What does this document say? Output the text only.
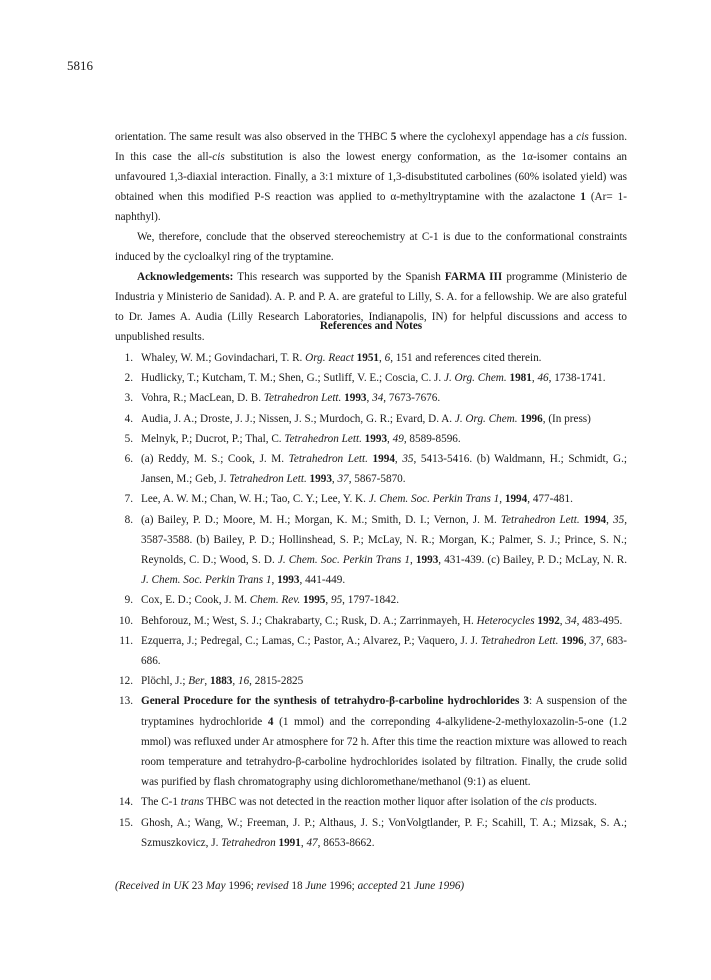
5816

orientation. The same result was also observed in the THBC 5 where the cyclohexyl appendage has a cis fussion. In this case the all-cis substitution is also the lowest energy conformation, as the 1α-isomer contains an unfavoured 1,3-diaxial interaction. Finally, a 3:1 mixture of 1,3-disubstituted carbolines (60% isolated yield) was obtained when this modified P-S reaction was applied to α-methyltryptamine with the azalactone 1 (Ar= 1-naphthyl).

We, therefore, conclude that the observed stereochemistry at C-1 is due to the conformational constraints induced by the cycloalkyl ring of the tryptamine.

Acknowledgements: This research was supported by the Spanish FARMA III programme (Ministerio de Industria y Ministerio de Sanidad). A. P. and P. A. are grateful to Lilly, S. A. for a fellowship. We are also grateful to Dr. James A. Audia (Lilly Research Laboratories, Indianapolis, IN) for helpful discussions and access to unpublished results.

References and Notes
1. Whaley, W. M.; Govindachari, T. R. Org. React 1951, 6, 151 and references cited therein.
2. Hudlicky, T.; Kutcham, T. M.; Shen, G.; Sutliff, V. E.; Coscia, C. J. J. Org. Chem. 1981, 46, 1738-1741.
3. Vohra, R.; MacLean, D. B. Tetrahedron Lett. 1993, 34, 7673-7676.
4. Audia, J. A.; Droste, J. J.; Nissen, J. S.; Murdoch, G. R.; Evard, D. A. J. Org. Chem. 1996, (In press)
5. Melnyk, P.; Ducrot, P.; Thal, C. Tetrahedron Lett. 1993, 49, 8589-8596.
6. (a) Reddy, M. S.; Cook, J. M. Tetrahedron Lett. 1994, 35, 5413-5416. (b) Waldmann, H.; Schmidt, G.; Jansen, M.; Geb, J. Tetrahedron Lett. 1993, 37, 5867-5870.
7. Lee, A. W. M.; Chan, W. H.; Tao, C. Y.; Lee, Y. K. J. Chem. Soc. Perkin Trans 1, 1994, 477-481.
8. (a) Bailey, P. D.; Moore, M. H.; Morgan, K. M.; Smith, D. I.; Vernon, J. M. Tetrahedron Lett. 1994, 35, 3587-3588. (b) Bailey, P. D.; Hollinshead, S. P.; McLay, N. R.; Morgan, K.; Palmer, S. J.; Prince, S. N.; Reynolds, C. D.; Wood, S. D. J. Chem. Soc. Perkin Trans 1, 1993, 431-439. (c) Bailey, P. D.; McLay, N. R. J. Chem. Soc. Perkin Trans 1, 1993, 441-449.
9. Cox, E. D.; Cook, J. M. Chem. Rev. 1995, 95, 1797-1842.
10. Behforouz, M.; West, S. J.; Chakrabarty, C.; Rusk, D. A.; Zarrinmayeh, H. Heterocycles 1992, 34, 483-495.
11. Ezquerra, J.; Pedregal, C.; Lamas, C.; Pastor, A.; Alvarez, P.; Vaquero, J. J. Tetrahedron Lett. 1996, 37, 683-686.
12. Plöchl, J.; Ber, 1883, 16, 2815-2825
13. General Procedure for the synthesis of tetrahydro-β-carboline hydrochlorides 3: A suspension of the tryptamines hydrochloride 4 (1 mmol) and the correponding 4-alkylidene-2-methyloxazolin-5-one (1.2 mmol) was refluxed under Ar atmosphere for 72 h. After this time the reaction mixture was allowed to reach room temperature and tetrahydro-β-carboline hydrochlorides isolated by filtration. Finally, the crude solid was purified by flash chromatography using dichloromethane/methanol (9:1) as eluent.
14. The C-1 trans THBC was not detected in the reaction mother liquor after isolation of the cis products.
15. Ghosh, A.; Wang, W.; Freeman, J. P.; Althaus, J. S.; VonVolgtlander, P. F.; Scahill, T. A.; Mizsak, S. A.; Szmuszkovicz, J. Tetrahedron 1991, 47, 8653-8662.
(Received in UK 23 May 1996; revised 18 June 1996; accepted 21 June 1996)
